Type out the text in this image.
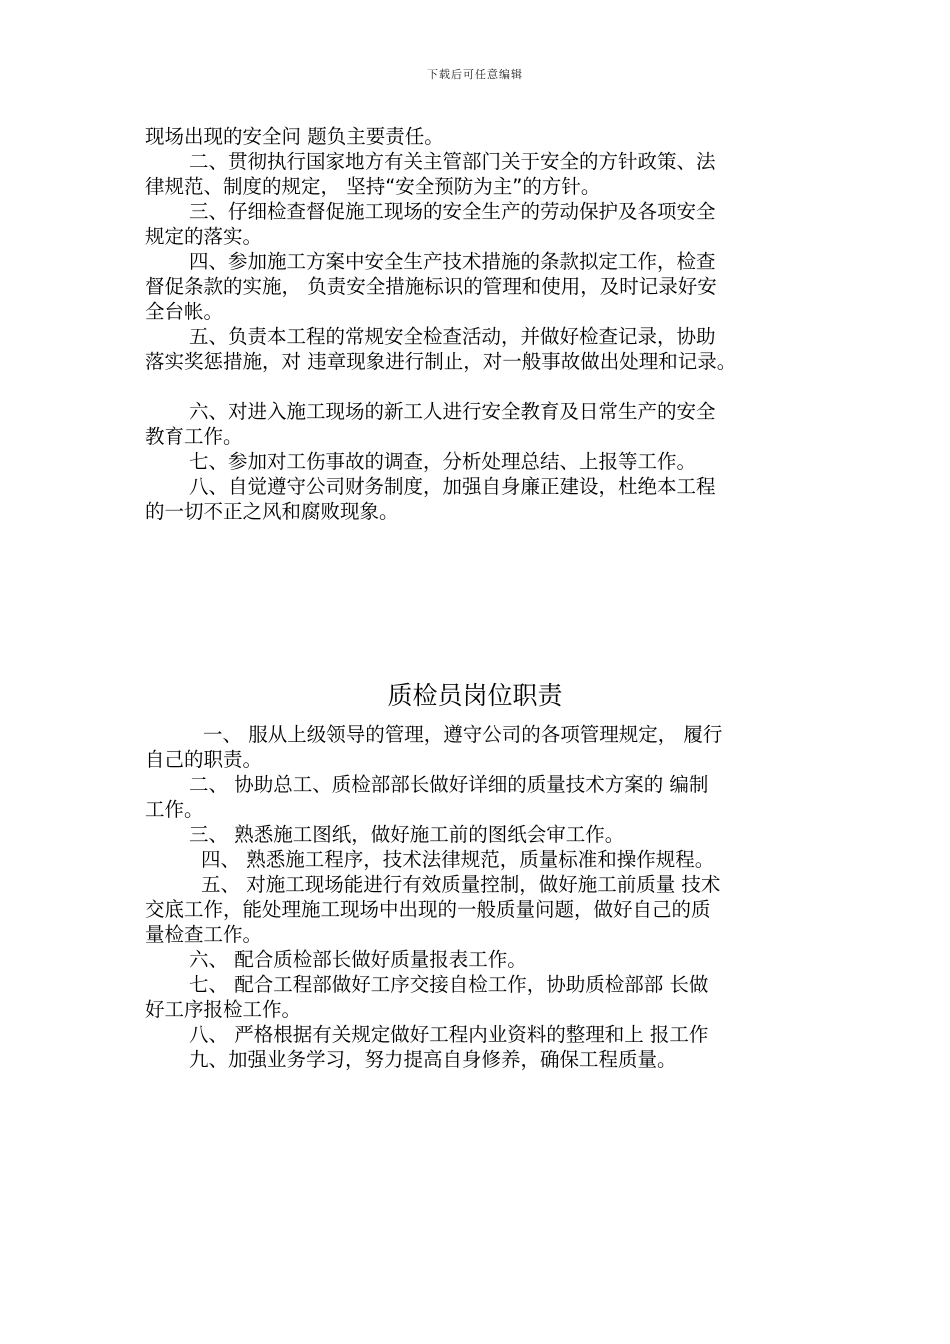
下载后可任意编辑
现场出现的安全问 题负主要责任。
二、贯彻执行国家地方有关主管部门关于安全的方针政策、法
律规范、制度的规定， 坚持“安全预防为主”的方针。
三、仔细检查督促施工现场的安全生产的劳动保护及各项安全
规定的落实。
四、参加施工方案中安全生产技术措施的条款拟定工作，检查
督促条款的实施， 负责安全措施标识的管理和使用，及时记录好安
全台帐。
五、负责本工程的常规安全检查活动，并做好检查记录，协助
落实奖惩措施，对 违章现象进行制止，对一般事故做出处理和记录。
六、对进入施工现场的新工人进行安全教育及日常生产的安全
教育工作。
七、参加对工伤事故的调查，分析处理总结、上报等工作。
八、自觉遵守公司财务制度，加强自身廉正建设，杜绝本工程
的一切不正之风和腐败现象。
质检员岗位职责
一、 服从上级领导的管理，遵守公司的各项管理规定， 履行
自己的职责。
二、 协助总工、质检部部长做好详细的质量技术方案的 编制
工作。
三、 熟悉施工图纸，做好施工前的图纸会审工作。
四、 熟悉施工程序，技术法律规范，质量标准和操作规程。
五、 对施工现场能进行有效质量控制，做好施工前质量 技术
交底工作，能处理施工现场中出现的一般质量问题，做好自己的质
量检查工作。
六、 配合质检部长做好质量报表工作。
七、 配合工程部做好工序交接自检工作，协助质检部部 长做
好工序报检工作。
八、 严格根据有关规定做好工程内业资料的整理和上 报工作
九、加强业务学习，努力提高自身修养，确保工程质量。
